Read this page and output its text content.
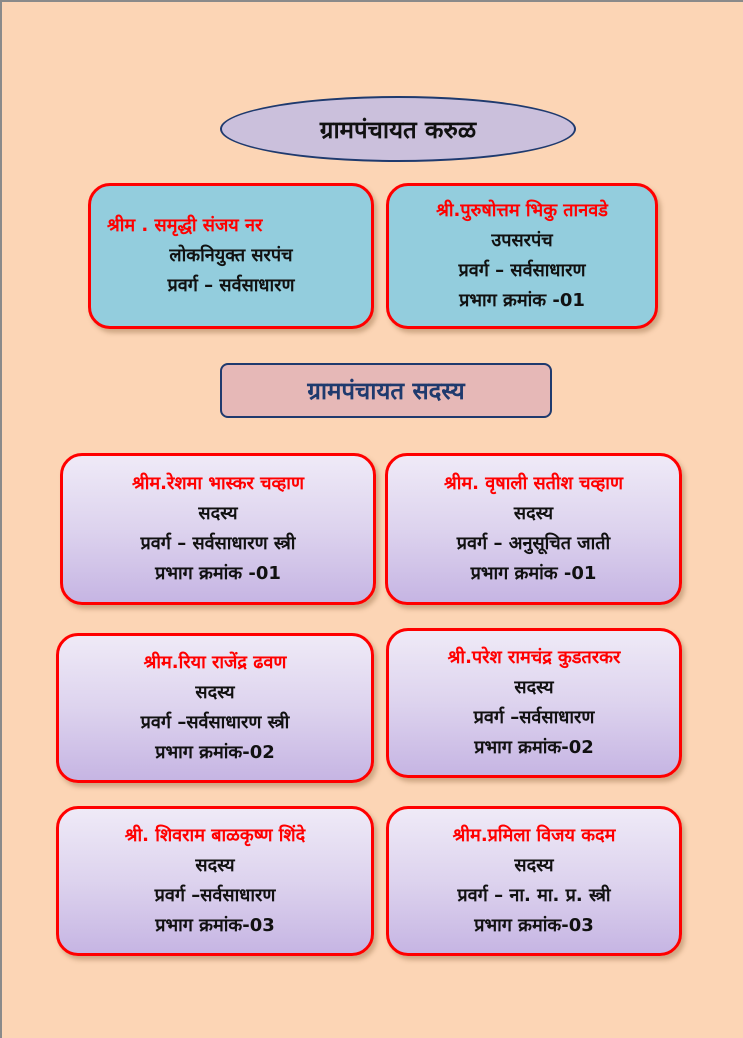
ग्रामपंचायत करुळ
श्रीम . समृद्धी संजय नर
लोकनियुक्त सरपंच
प्रवर्ग – सर्वसाधारण
श्री.पुरुषोत्तम भिकु तानवडे
उपसरपंच
प्रवर्ग – सर्वसाधारण
प्रभाग क्रमांक -01
ग्रामपंचायत सदस्य
श्रीम.रेशमा भास्कर चव्हाण
सदस्य
प्रवर्ग – सर्वसाधारण स्त्री
प्रभाग क्रमांक -01
श्रीम. वृषाली सतीश चव्हाण
सदस्य
प्रवर्ग – अनुसूचित जाती
प्रभाग क्रमांक -01
श्रीम.रिया राजेंद्र ढवण
सदस्य
प्रवर्ग –सर्वसाधारण स्त्री
प्रभाग क्रमांक-02
श्री.परेश रामचंद्र कुडतरकर
सदस्य
प्रवर्ग –सर्वसाधारण
प्रभाग क्रमांक-02
श्री. शिवराम बाळकृष्ण शिंदे
सदस्य
प्रवर्ग –सर्वसाधारण
प्रभाग क्रमांक-03
श्रीम.प्रमिला विजय कदम
सदस्य
प्रवर्ग – ना. मा. प्र. स्त्री
प्रभाग क्रमांक-03
